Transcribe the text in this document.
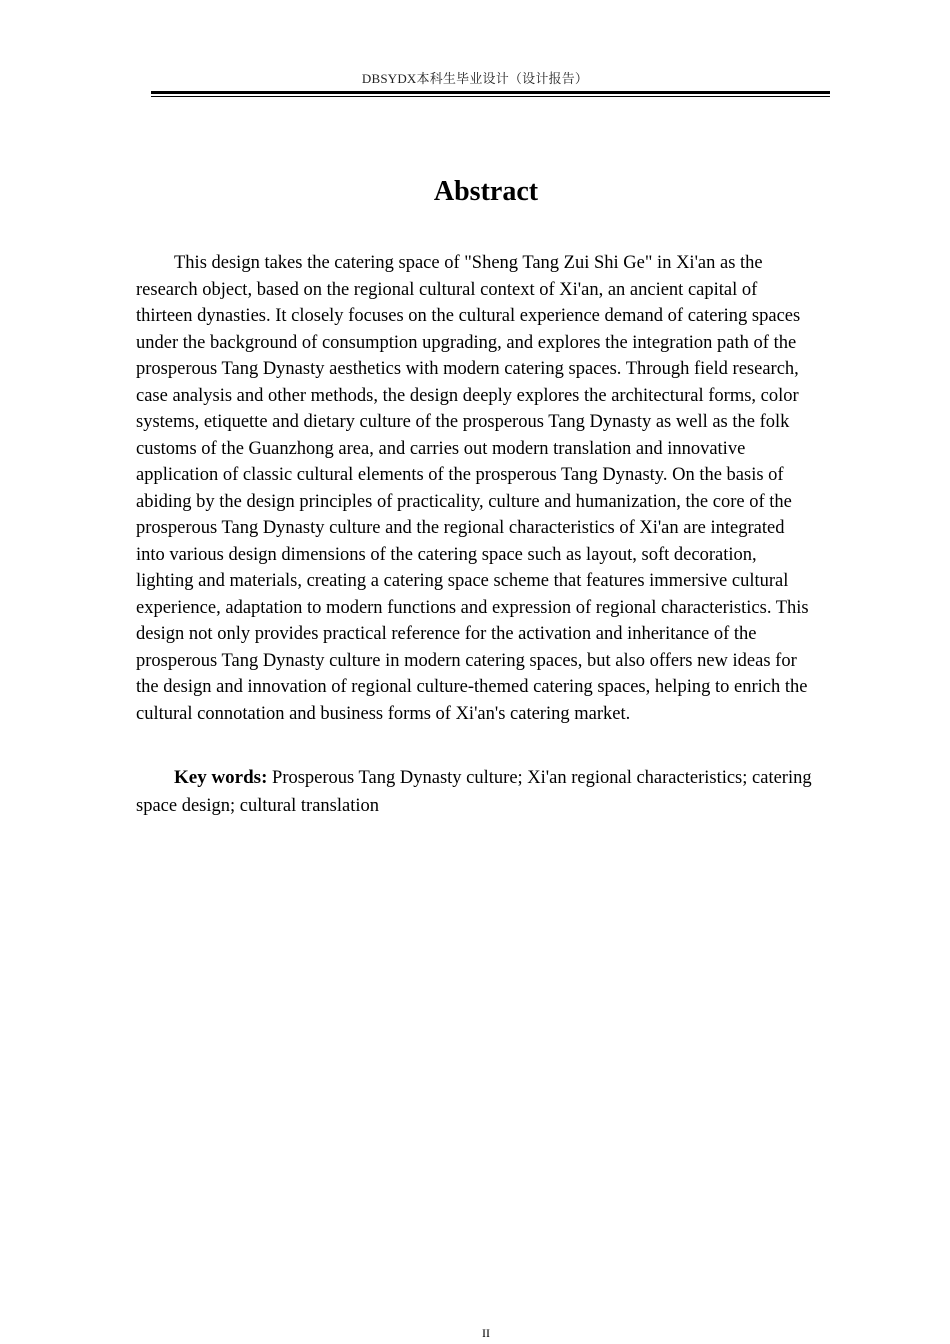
DBSYDX本科生毕业设计（设计报告）
Abstract

This design takes the catering space of "Sheng Tang Zui Shi Ge" in Xi'an as the
research object, based on the regional cultural context of Xi'an, an ancient capital of
thirteen dynasties. It closely focuses on the cultural experience demand of catering spaces
under the background of consumption upgrading, and explores the integration path of the
prosperous Tang Dynasty aesthetics with modern catering spaces. Through field research,
case analysis and other methods, the design deeply explores the architectural forms, color
systems, etiquette and dietary culture of the prosperous Tang Dynasty as well as the folk
customs of the Guanzhong area, and carries out modern translation and innovative
application of classic cultural elements of the prosperous Tang Dynasty. On the basis of
abiding by the design principles of practicality, culture and humanization, the core of the
prosperous Tang Dynasty culture and the regional characteristics of Xi'an are integrated
into various design dimensions of the catering space such as layout, soft decoration,
lighting and materials, creating a catering space scheme that features immersive cultural
experience, adaptation to modern functions and expression of regional characteristics. This
design not only provides practical reference for the activation and inheritance of the
prosperous Tang Dynasty culture in modern catering spaces, but also offers new ideas for
the design and innovation of regional culture-themed catering spaces, helping to enrich the
cultural connotation and business forms of Xi'an's catering market.

Key words: Prosperous Tang Dynasty culture; Xi'an regional characteristics; catering space design; cultural translation

II
